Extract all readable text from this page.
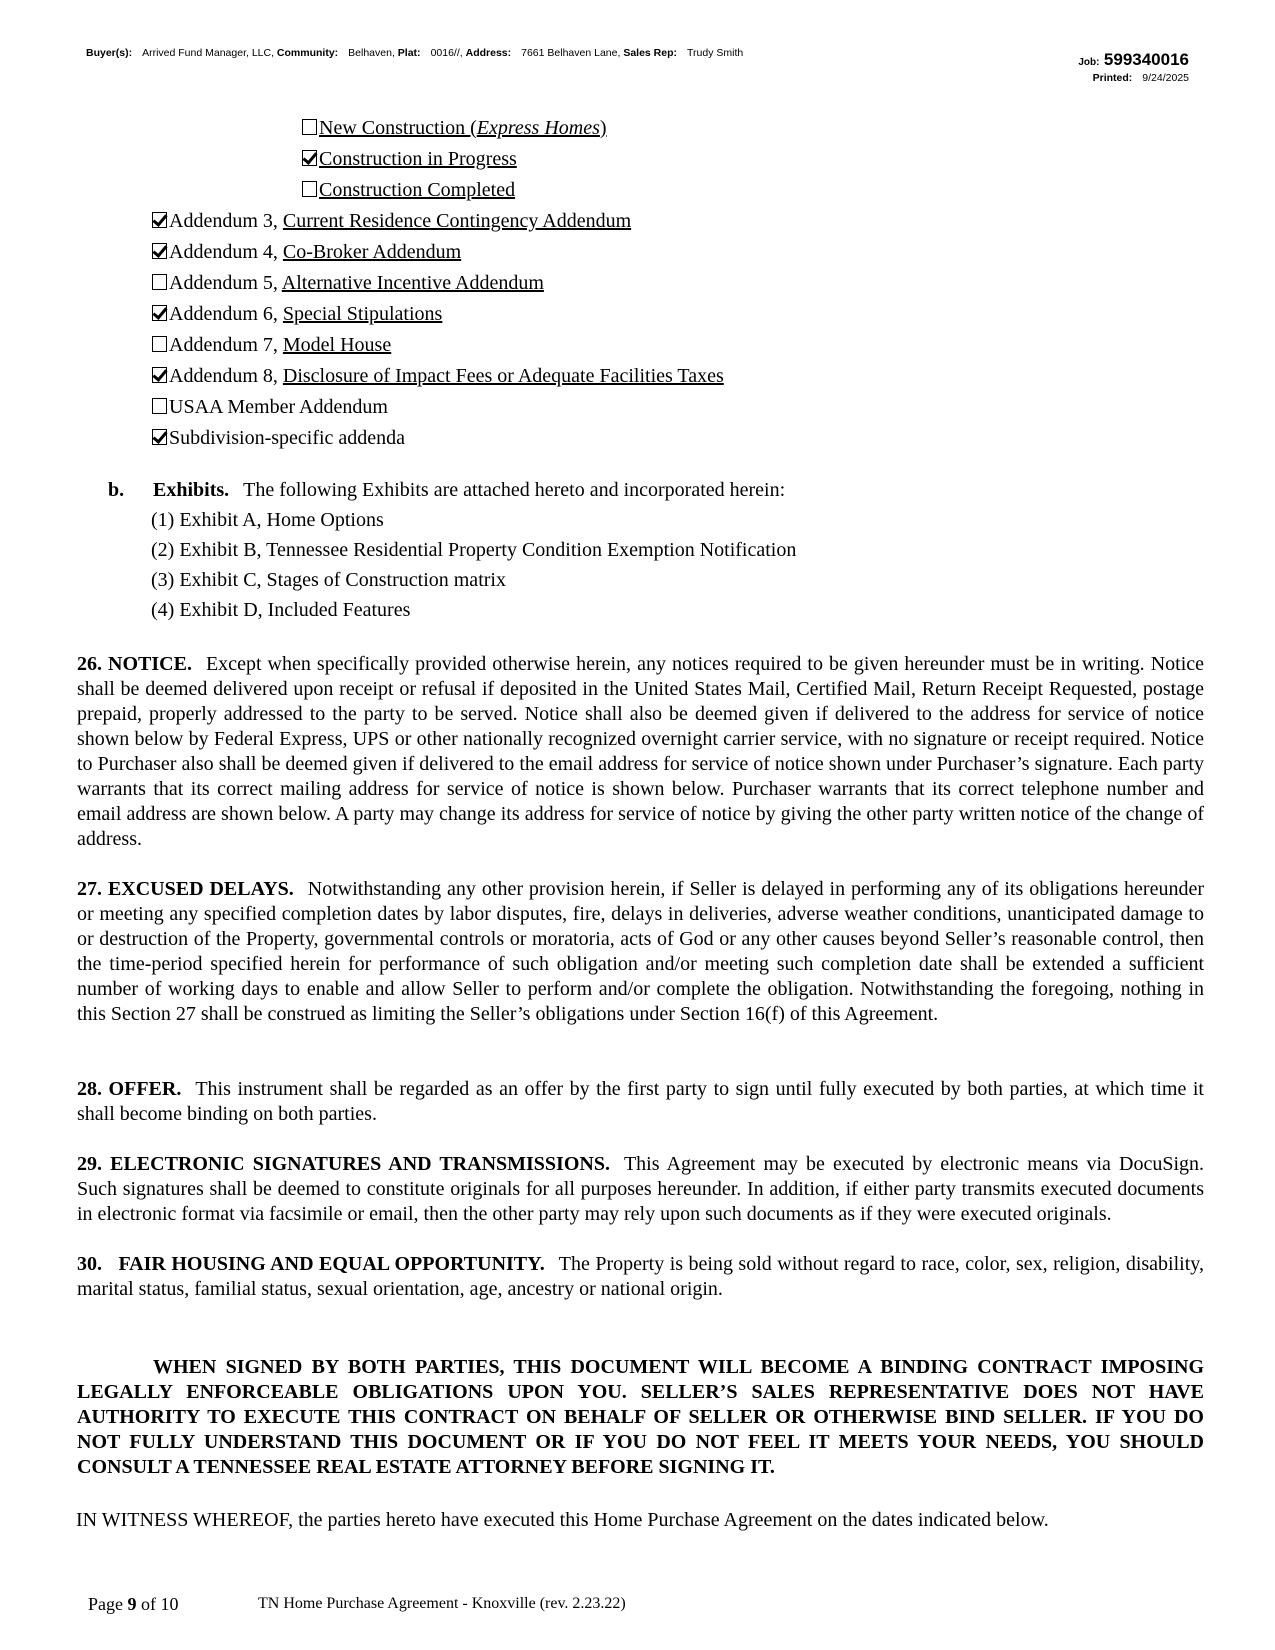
Buyer(s): Arrived Fund Manager, LLC, Community: Belhaven, Plat: 0016//, Address: 7661 Belhaven Lane, Sales Rep: Trudy Smith
Job: 599340016
Printed: 9/24/2025
New Construction (Express Homes)
Construction in Progress
Construction Completed
Addendum 3, Current Residence Contingency Addendum
Addendum 4, Co-Broker Addendum
Addendum 5, Alternative Incentive Addendum
Addendum 6, Special Stipulations
Addendum 7, Model House
Addendum 8, Disclosure of Impact Fees or Adequate Facilities Taxes
USAA Member Addendum
Subdivision-specific addenda
b. Exhibits. The following Exhibits are attached hereto and incorporated herein:
(1) Exhibit A, Home Options
(2) Exhibit B, Tennessee Residential Property Condition Exemption Notification
(3) Exhibit C, Stages of Construction matrix
(4) Exhibit D, Included Features
26. NOTICE. Except when specifically provided otherwise herein, any notices required to be given hereunder must be in writing. Notice shall be deemed delivered upon receipt or refusal if deposited in the United States Mail, Certified Mail, Return Receipt Requested, postage prepaid, properly addressed to the party to be served. Notice shall also be deemed given if delivered to the address for service of notice shown below by Federal Express, UPS or other nationally recognized overnight carrier service, with no signature or receipt required. Notice to Purchaser also shall be deemed given if delivered to the email address for service of notice shown under Purchaser’s signature. Each party warrants that its correct mailing address for service of notice is shown below. Purchaser warrants that its correct telephone number and email address are shown below. A party may change its address for service of notice by giving the other party written notice of the change of address.
27. EXCUSED DELAYS. Notwithstanding any other provision herein, if Seller is delayed in performing any of its obligations hereunder or meeting any specified completion dates by labor disputes, fire, delays in deliveries, adverse weather conditions, unanticipated damage to or destruction of the Property, governmental controls or moratoria, acts of God or any other causes beyond Seller’s reasonable control, then the time-period specified herein for performance of such obligation and/or meeting such completion date shall be extended a sufficient number of working days to enable and allow Seller to perform and/or complete the obligation. Notwithstanding the foregoing, nothing in this Section 27 shall be construed as limiting the Seller’s obligations under Section 16(f) of this Agreement.
28. OFFER. This instrument shall be regarded as an offer by the first party to sign until fully executed by both parties, at which time it shall become binding on both parties.
29. ELECTRONIC SIGNATURES AND TRANSMISSIONS. This Agreement may be executed by electronic means via DocuSign. Such signatures shall be deemed to constitute originals for all purposes hereunder. In addition, if either party transmits executed documents in electronic format via facsimile or email, then the other party may rely upon such documents as if they were executed originals.
30.   FAIR HOUSING AND EQUAL OPPORTUNITY. The Property is being sold without regard to race, color, sex, religion, disability, marital status, familial status, sexual orientation, age, ancestry or national origin.
WHEN SIGNED BY BOTH PARTIES, THIS DOCUMENT WILL BECOME A BINDING CONTRACT IMPOSING LEGALLY ENFORCEABLE OBLIGATIONS UPON YOU. SELLER’S SALES REPRESENTATIVE DOES NOT HAVE AUTHORITY TO EXECUTE THIS CONTRACT ON BEHALF OF SELLER OR OTHERWISE BIND SELLER. IF YOU DO NOT FULLY UNDERSTAND THIS DOCUMENT OR IF YOU DO NOT FEEL IT MEETS YOUR NEEDS, YOU SHOULD CONSULT A TENNESSEE REAL ESTATE ATTORNEY BEFORE SIGNING IT.
IN WITNESS WHEREOF, the parties hereto have executed this Home Purchase Agreement on the dates indicated below.
Page 9 of 10	TN Home Purchase Agreement - Knoxville (rev. 2.23.22)
